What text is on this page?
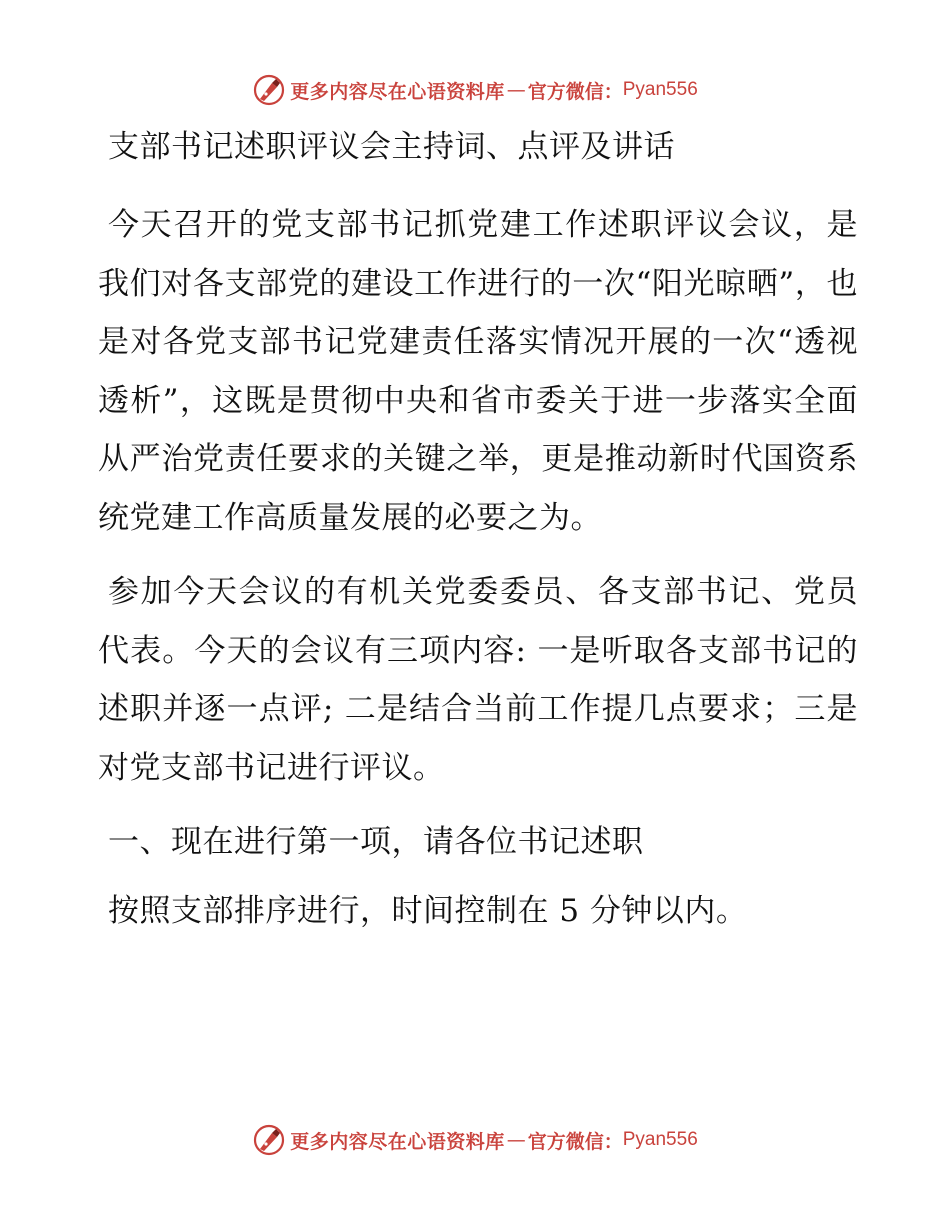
更多内容尽在心语资料库 — 官方微信： Pyan556
支部书记述职评议会主持词、点评及讲话

今天召开的党支部书记抓党建工作述职评议会议，是我们对各支部党的建设工作进行的一次“阳光晾晒”，也是对各党支部书记党建责任落实情况开展的一次“透视透析”，这既是贯彻中央和省市委关于进一步落实全面从严治党责任要求的关键之举，更是推动新时代国资系统党建工作高质量发展的必要之为。

参加今天会议的有机关党委委员、各支部书记、党员代表。今天的会议有三项内容: 一是听取各支部书记的述职并逐一点评; 二是结合当前工作提几点要求；三是对党支部书记进行评议。

一、现在进行第一项，请各位书记述职

按照支部排序进行，时间控制在 5 分钟以内。

更多内容尽在心语资料库 — 官方微信： Pyan556
